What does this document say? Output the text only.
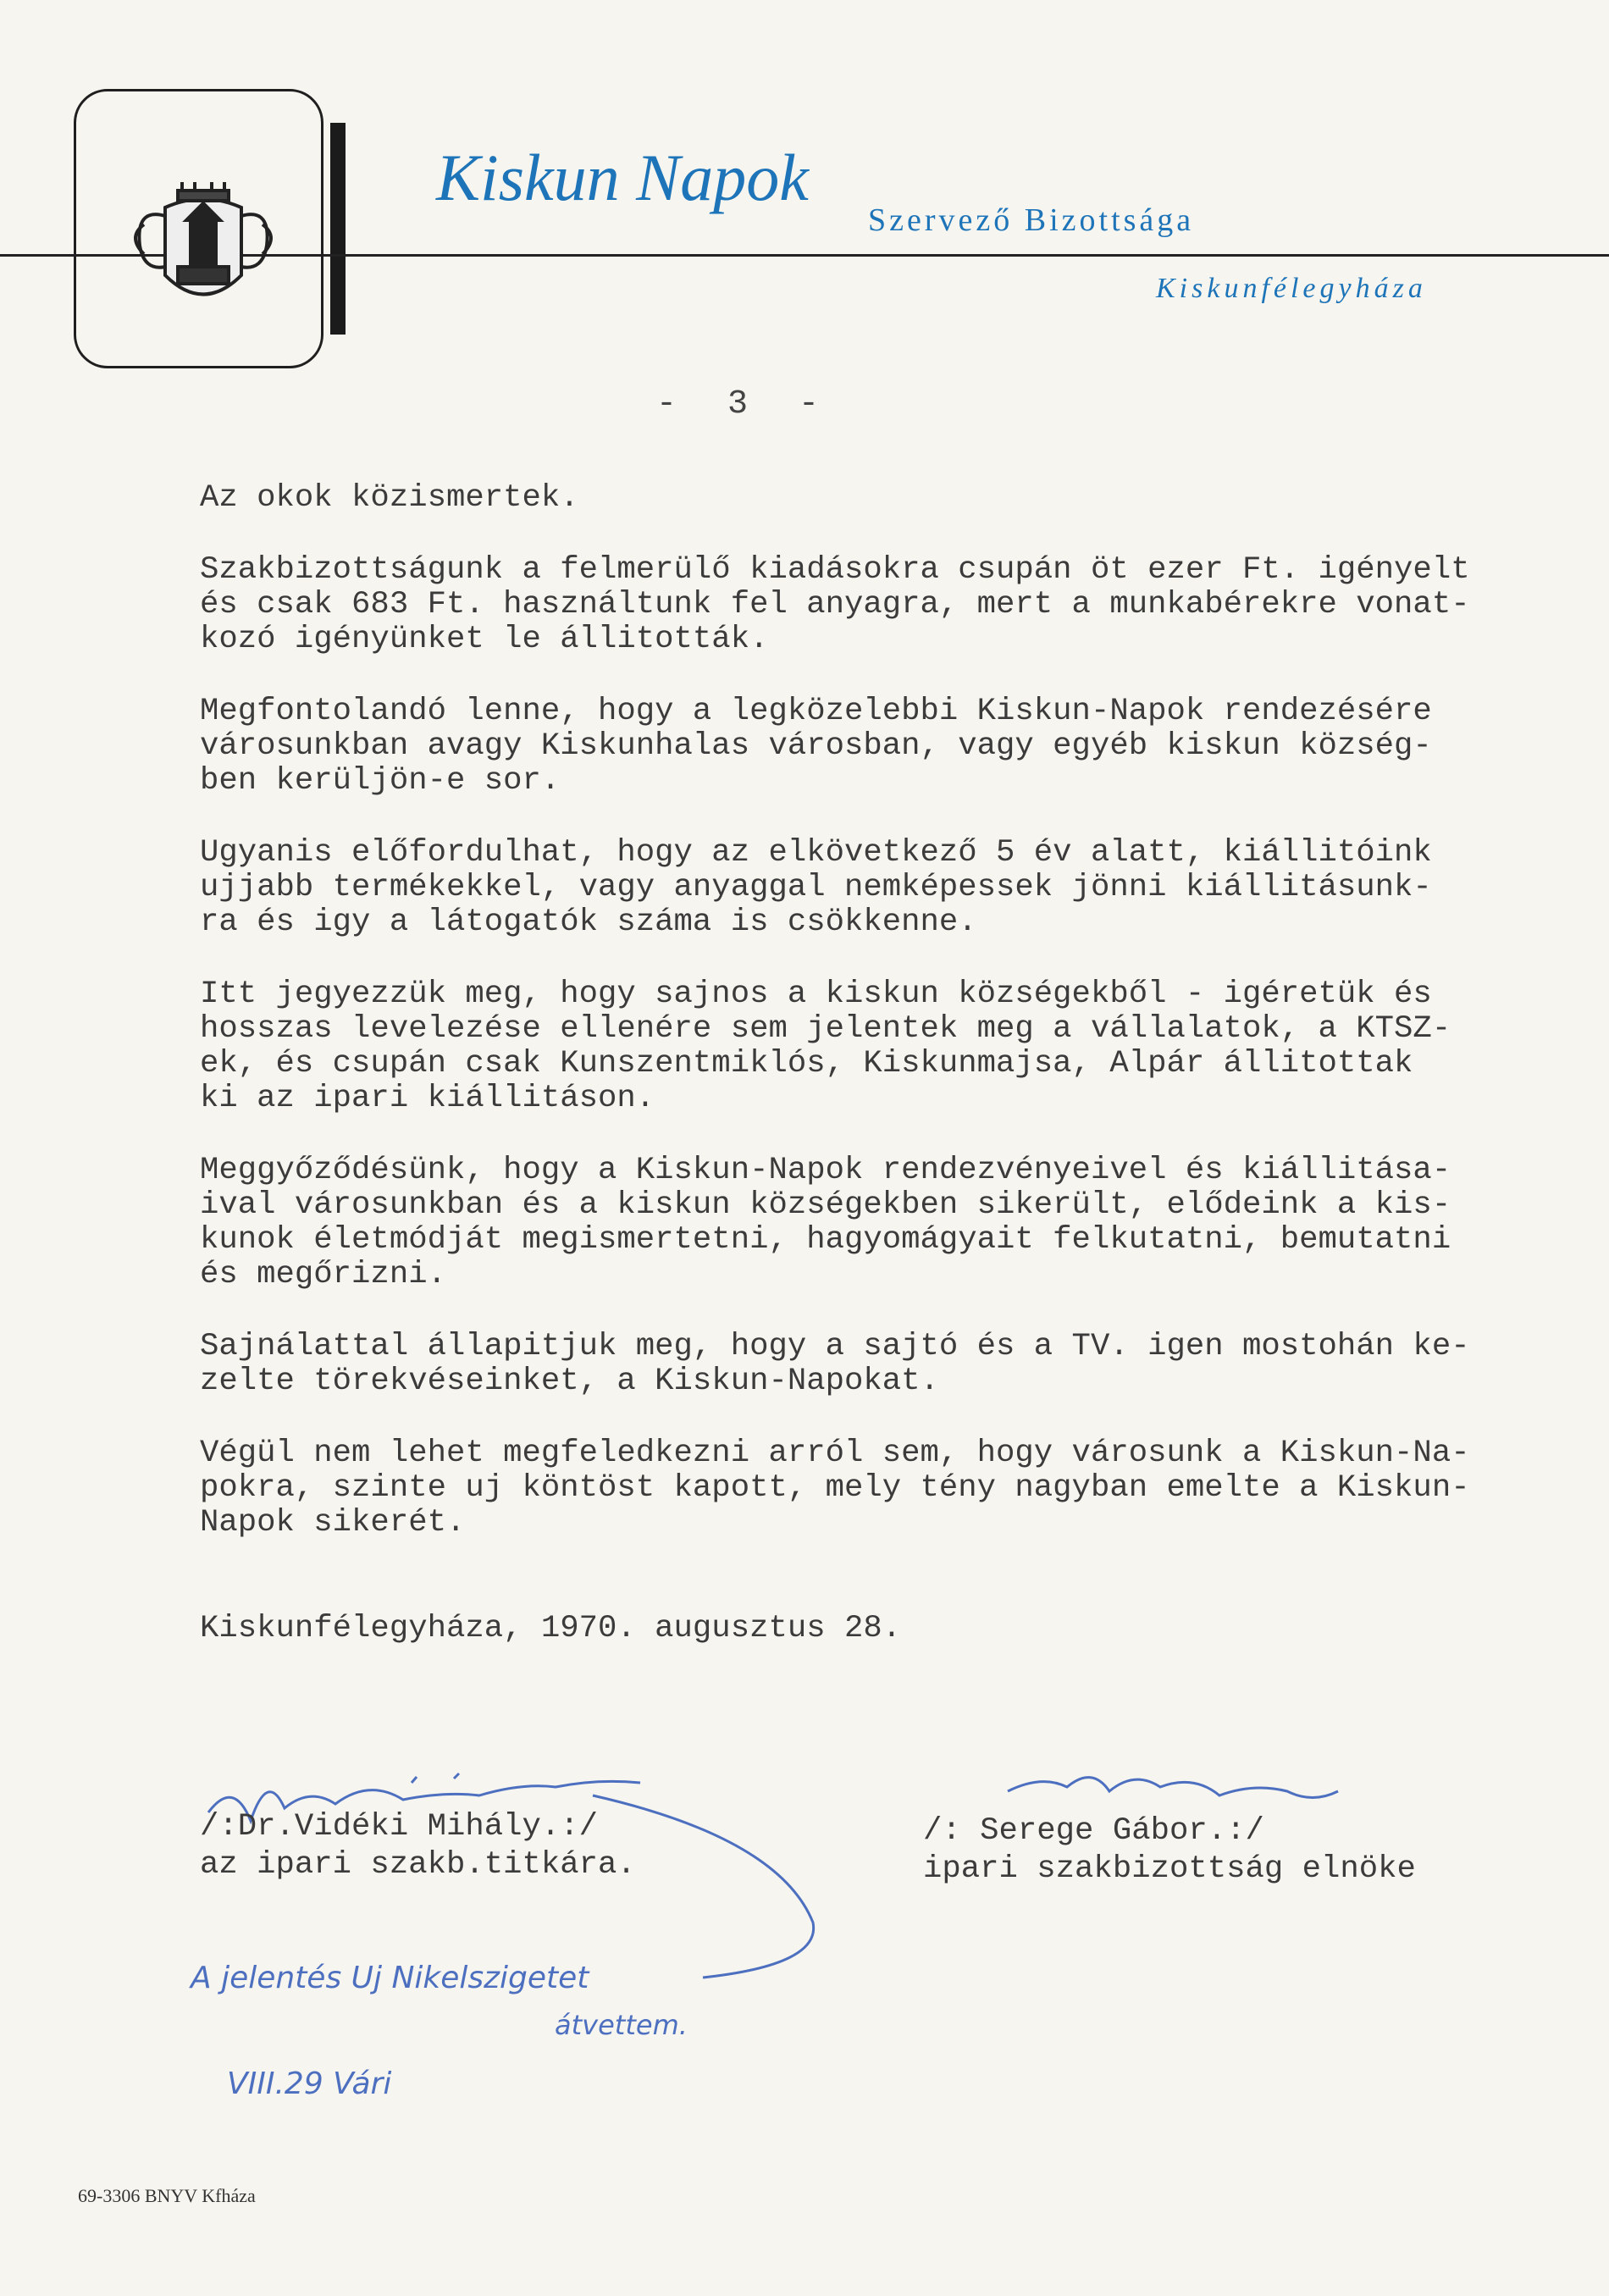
Kiskun Napok
Szervező Bizottsága
Kiskunfélegyháza
- 3 -
Az okok közismertek.
Szakbizottságunk a felmerülő kiadásokra csupán öt ezer Ft. igényelt
és csak 683 Ft. használtunk fel anyagra, mert a munkabérekre vonat-
kozó igényünket le állitották.
Megfontolandó lenne, hogy a legközelebbi Kiskun-Napok rendezésére
városunkban avagy Kiskunhalas városban, vagy egyéb kiskun község-
ben kerüljön-e sor.
Ugyanis előfordulhat, hogy az elkövetkező 5 év alatt, kiállitóink
ujjabb termékekkel, vagy anyaggal nemképessek jönni kiállitásunk-
ra és igy a látogatók száma is csökkenne.
Itt jegyezzük meg, hogy sajnos a kiskun községekből - igéretük és
hosszas levelezése ellenére sem jelentek meg a vállalatok, a KTSZ-
ek, és csupán csak Kunszentmiklós, Kiskunmajsa, Alpár állitottak
ki az ipari kiállitáson.
Meggyőződésünk, hogy a Kiskun-Napok rendezvényeivel és kiállitása-
ival városunkban és a kiskun községekben sikerült, elődeink a kis-
kunok életmódját megismertetni, hagyomágyait felkutatni, bemutatni
és megőrizni.
Sajnálattal állapitjuk meg, hogy a sajtó és a TV. igen mostohán ke-
zelte törekvéseinket, a Kiskun-Napokat.
Végül nem lehet megfeledkezni arról sem, hogy városunk a Kiskun-Na-
pokra, szinte uj köntöst kapott, mely tény nagyban emelte a Kiskun-
Napok sikerét.
Kiskunfélegyháza, 1970. augusztus 28.
/:Dr.Vidéki Mihály.:/
az ipari szakb.titkára.
/: Serege Gábor.:/
ipari szakbizottság elnöke
A jelentés Uj Nikelszigetet
átvettem.
VIII.29 Vári
69-3306 BNYV Kfháza
